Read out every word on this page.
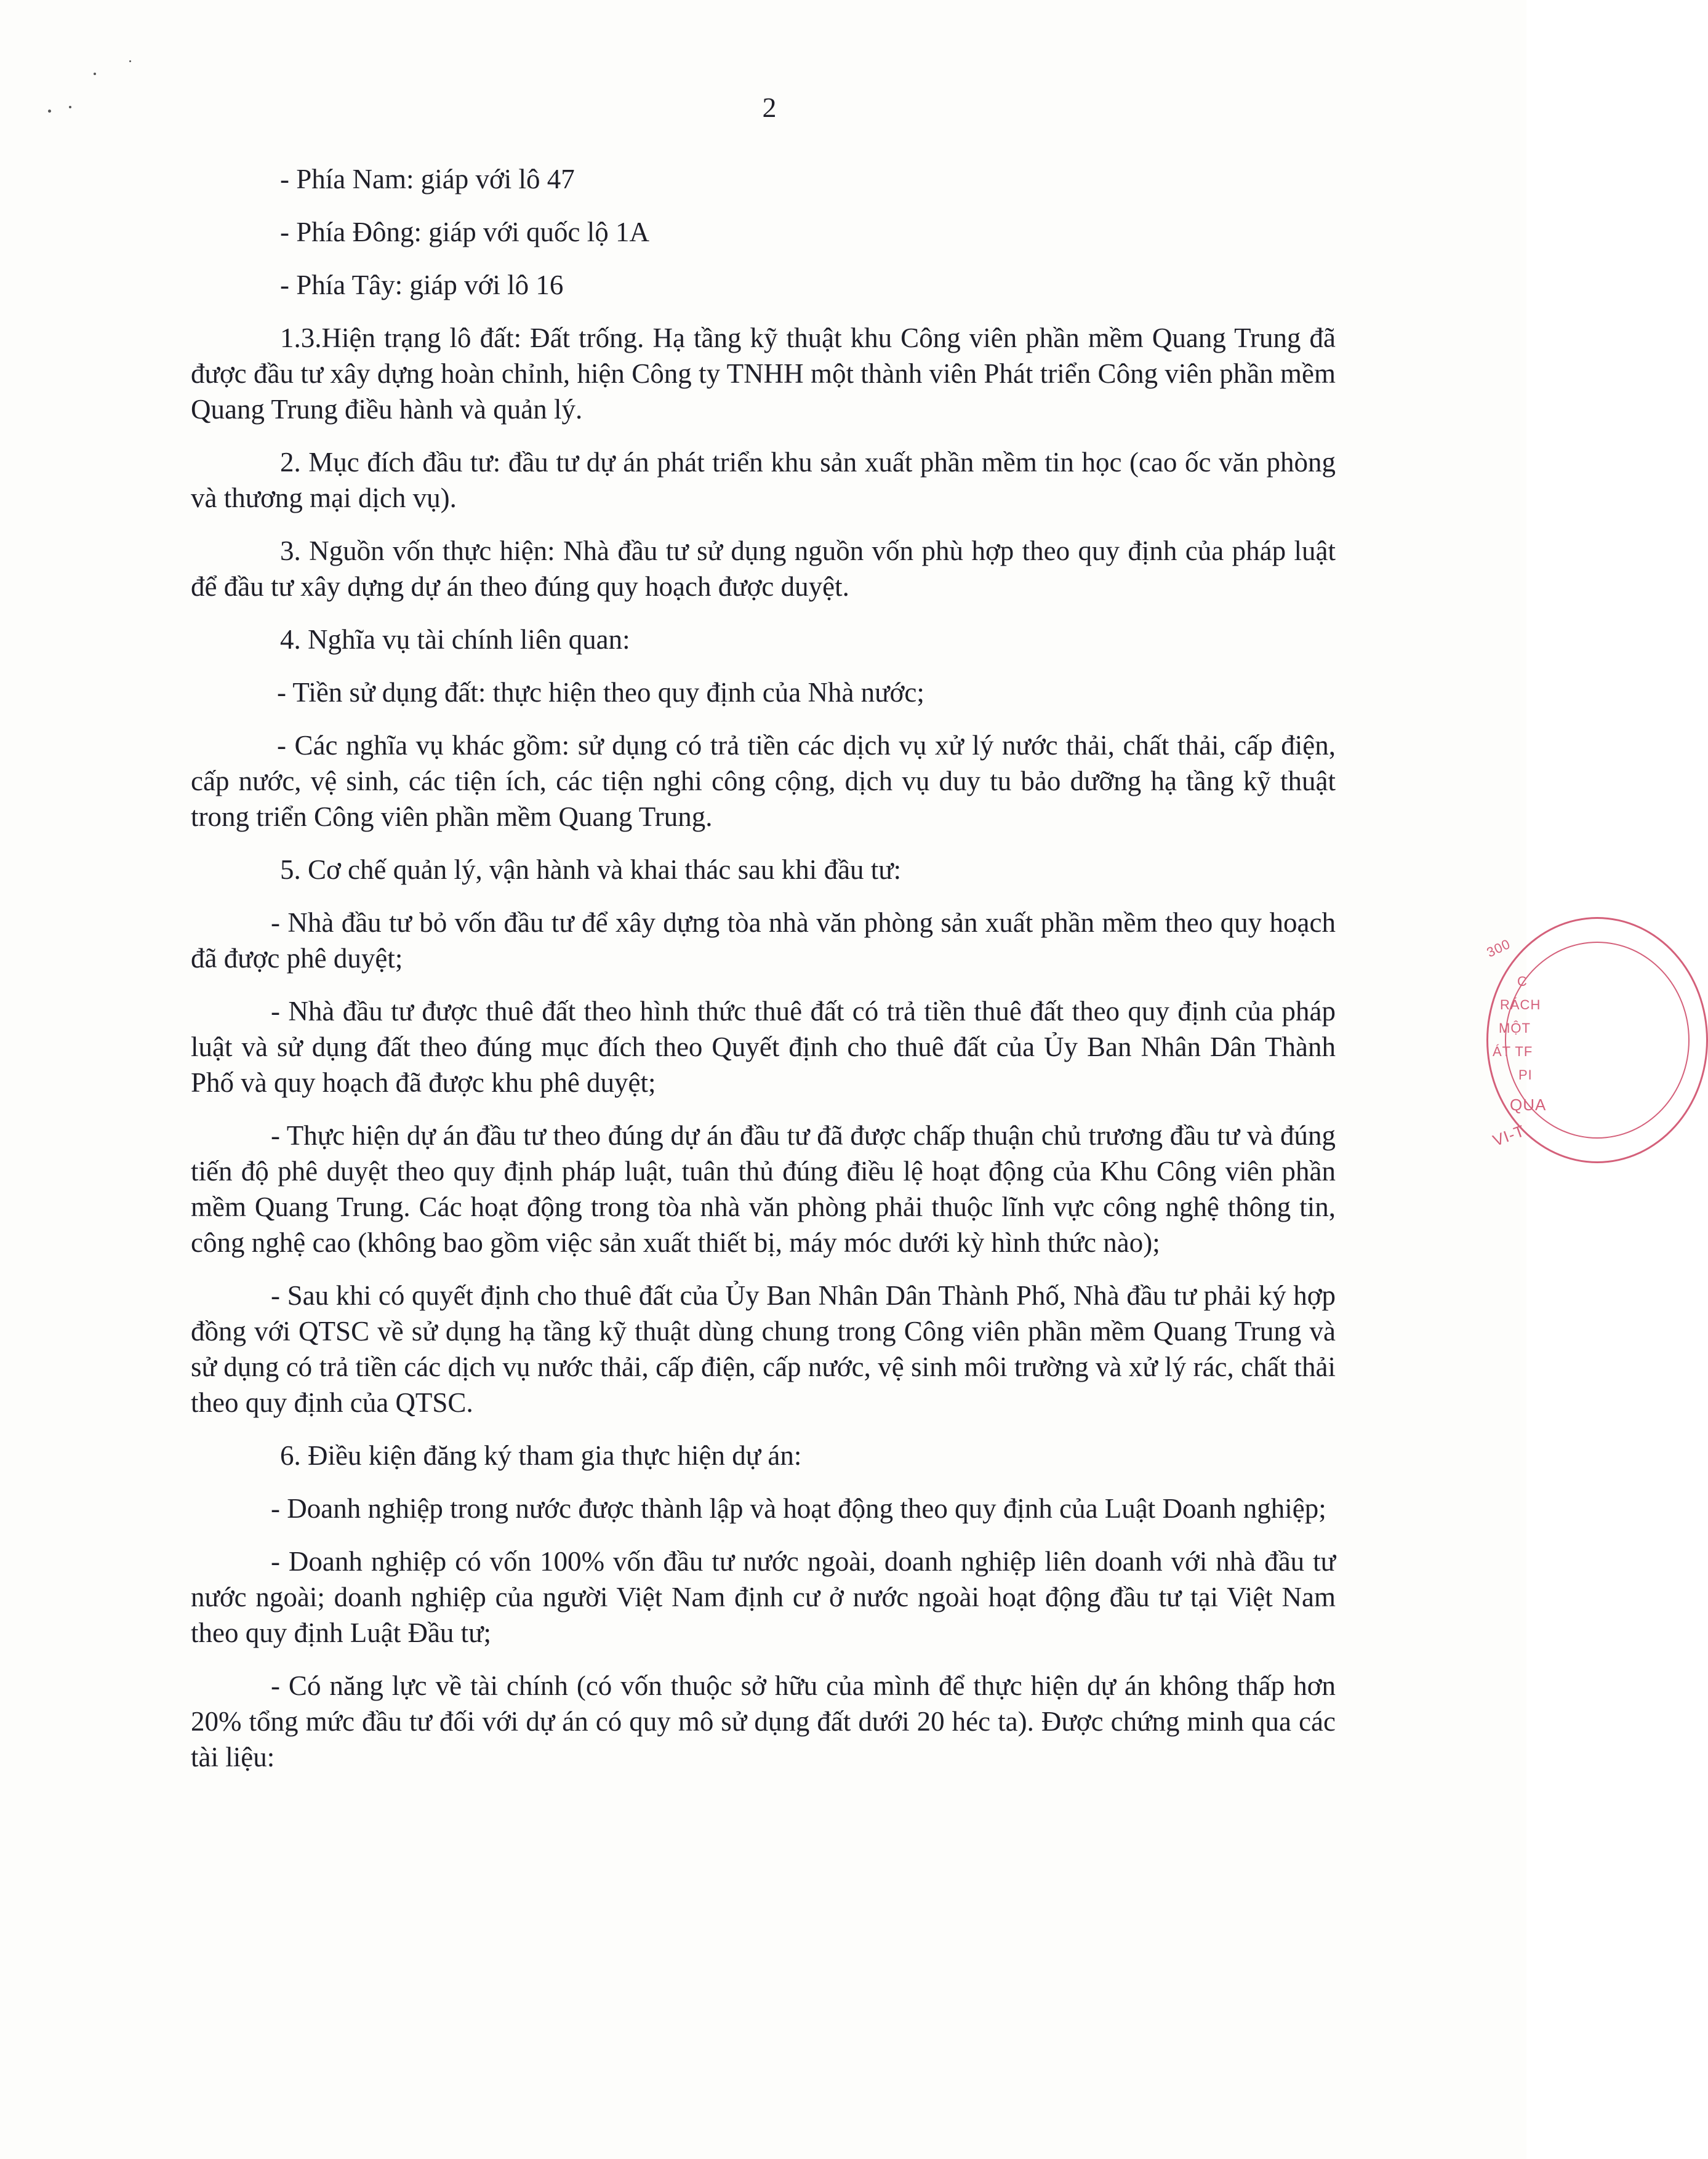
2

- Phía Nam: giáp với lô 47

- Phía Đông: giáp với quốc lộ 1A

- Phía Tây: giáp với lô 16

1.3.Hiện trạng lô đất: Đất trống. Hạ tầng kỹ thuật khu Công viên phần mềm Quang Trung đã được đầu tư xây dựng hoàn chỉnh, hiện Công ty TNHH một thành viên Phát triển Công viên phần mềm Quang Trung điều hành và quản lý.

2. Mục đích đầu tư: đầu tư dự án phát triển khu sản xuất phần mềm tin học (cao ốc văn phòng và thương mại dịch vụ).

3. Nguồn vốn thực hiện: Nhà đầu tư sử dụng nguồn vốn phù hợp theo quy định của pháp luật để đầu tư xây dựng dự án theo đúng quy hoạch được duyệt.

4. Nghĩa vụ tài chính liên quan:

- Tiền sử dụng đất: thực hiện theo quy định của Nhà nước;

- Các nghĩa vụ khác gồm: sử dụng có trả tiền các dịch vụ xử lý nước thải, chất thải, cấp điện, cấp nước, vệ sinh, các tiện ích, các tiện nghi công cộng, dịch vụ duy tu bảo dưỡng hạ tầng kỹ thuật trong triển Công viên phần mềm Quang Trung.

5. Cơ chế quản lý, vận hành và khai thác sau khi đầu tư:

- Nhà đầu tư bỏ vốn đầu tư để xây dựng tòa nhà văn phòng sản xuất phần mềm theo quy hoạch đã được phê duyệt;

- Nhà đầu tư được thuê đất theo hình thức thuê đất có trả tiền thuê đất theo quy định của pháp luật và sử dụng đất theo đúng mục đích theo Quyết định cho thuê đất của Ủy Ban Nhân Dân Thành Phố và quy hoạch đã được khu phê duyệt;

- Thực hiện dự án đầu tư theo đúng dự án đầu tư đã được chấp thuận chủ trương đầu tư và đúng tiến độ phê duyệt theo quy định pháp luật, tuân thủ đúng điều lệ hoạt động của Khu Công viên phần mềm Quang Trung. Các hoạt động trong tòa nhà văn phòng phải thuộc lĩnh vực công nghệ thông tin, công nghệ cao (không bao gồm việc sản xuất thiết bị, máy móc dưới kỳ hình thức nào);

- Sau khi có quyết định cho thuê đất của Ủy Ban Nhân Dân Thành Phố, Nhà đầu tư phải ký hợp đồng với QTSC về sử dụng hạ tầng kỹ thuật dùng chung trong Công viên phần mềm Quang Trung và sử dụng có trả tiền các dịch vụ nước thải, cấp điện, cấp nước, vệ sinh môi trường và xử lý rác, chất thải theo quy định của QTSC.

6. Điều kiện đăng ký tham gia thực hiện dự án:

- Doanh nghiệp trong nước được thành lập và hoạt động theo quy định của Luật Doanh nghiệp;

- Doanh nghiệp có vốn 100% vốn đầu tư nước ngoài, doanh nghiệp liên doanh với nhà đầu tư nước ngoài; doanh nghiệp của người Việt Nam định cư ở nước ngoài hoạt động đầu tư tại Việt Nam theo quy định Luật Đầu tư;

- Có năng lực về tài chính (có vốn thuộc sở hữu của mình để thực hiện dự án không thấp hơn 20% tổng mức đầu tư đối với dự án có quy mô sử dụng đất dưới 20 héc ta). Được chứng minh qua các tài liệu:

300
C
RÁCH
MỘT
ÁT TF
PI
QUA
VI-T
